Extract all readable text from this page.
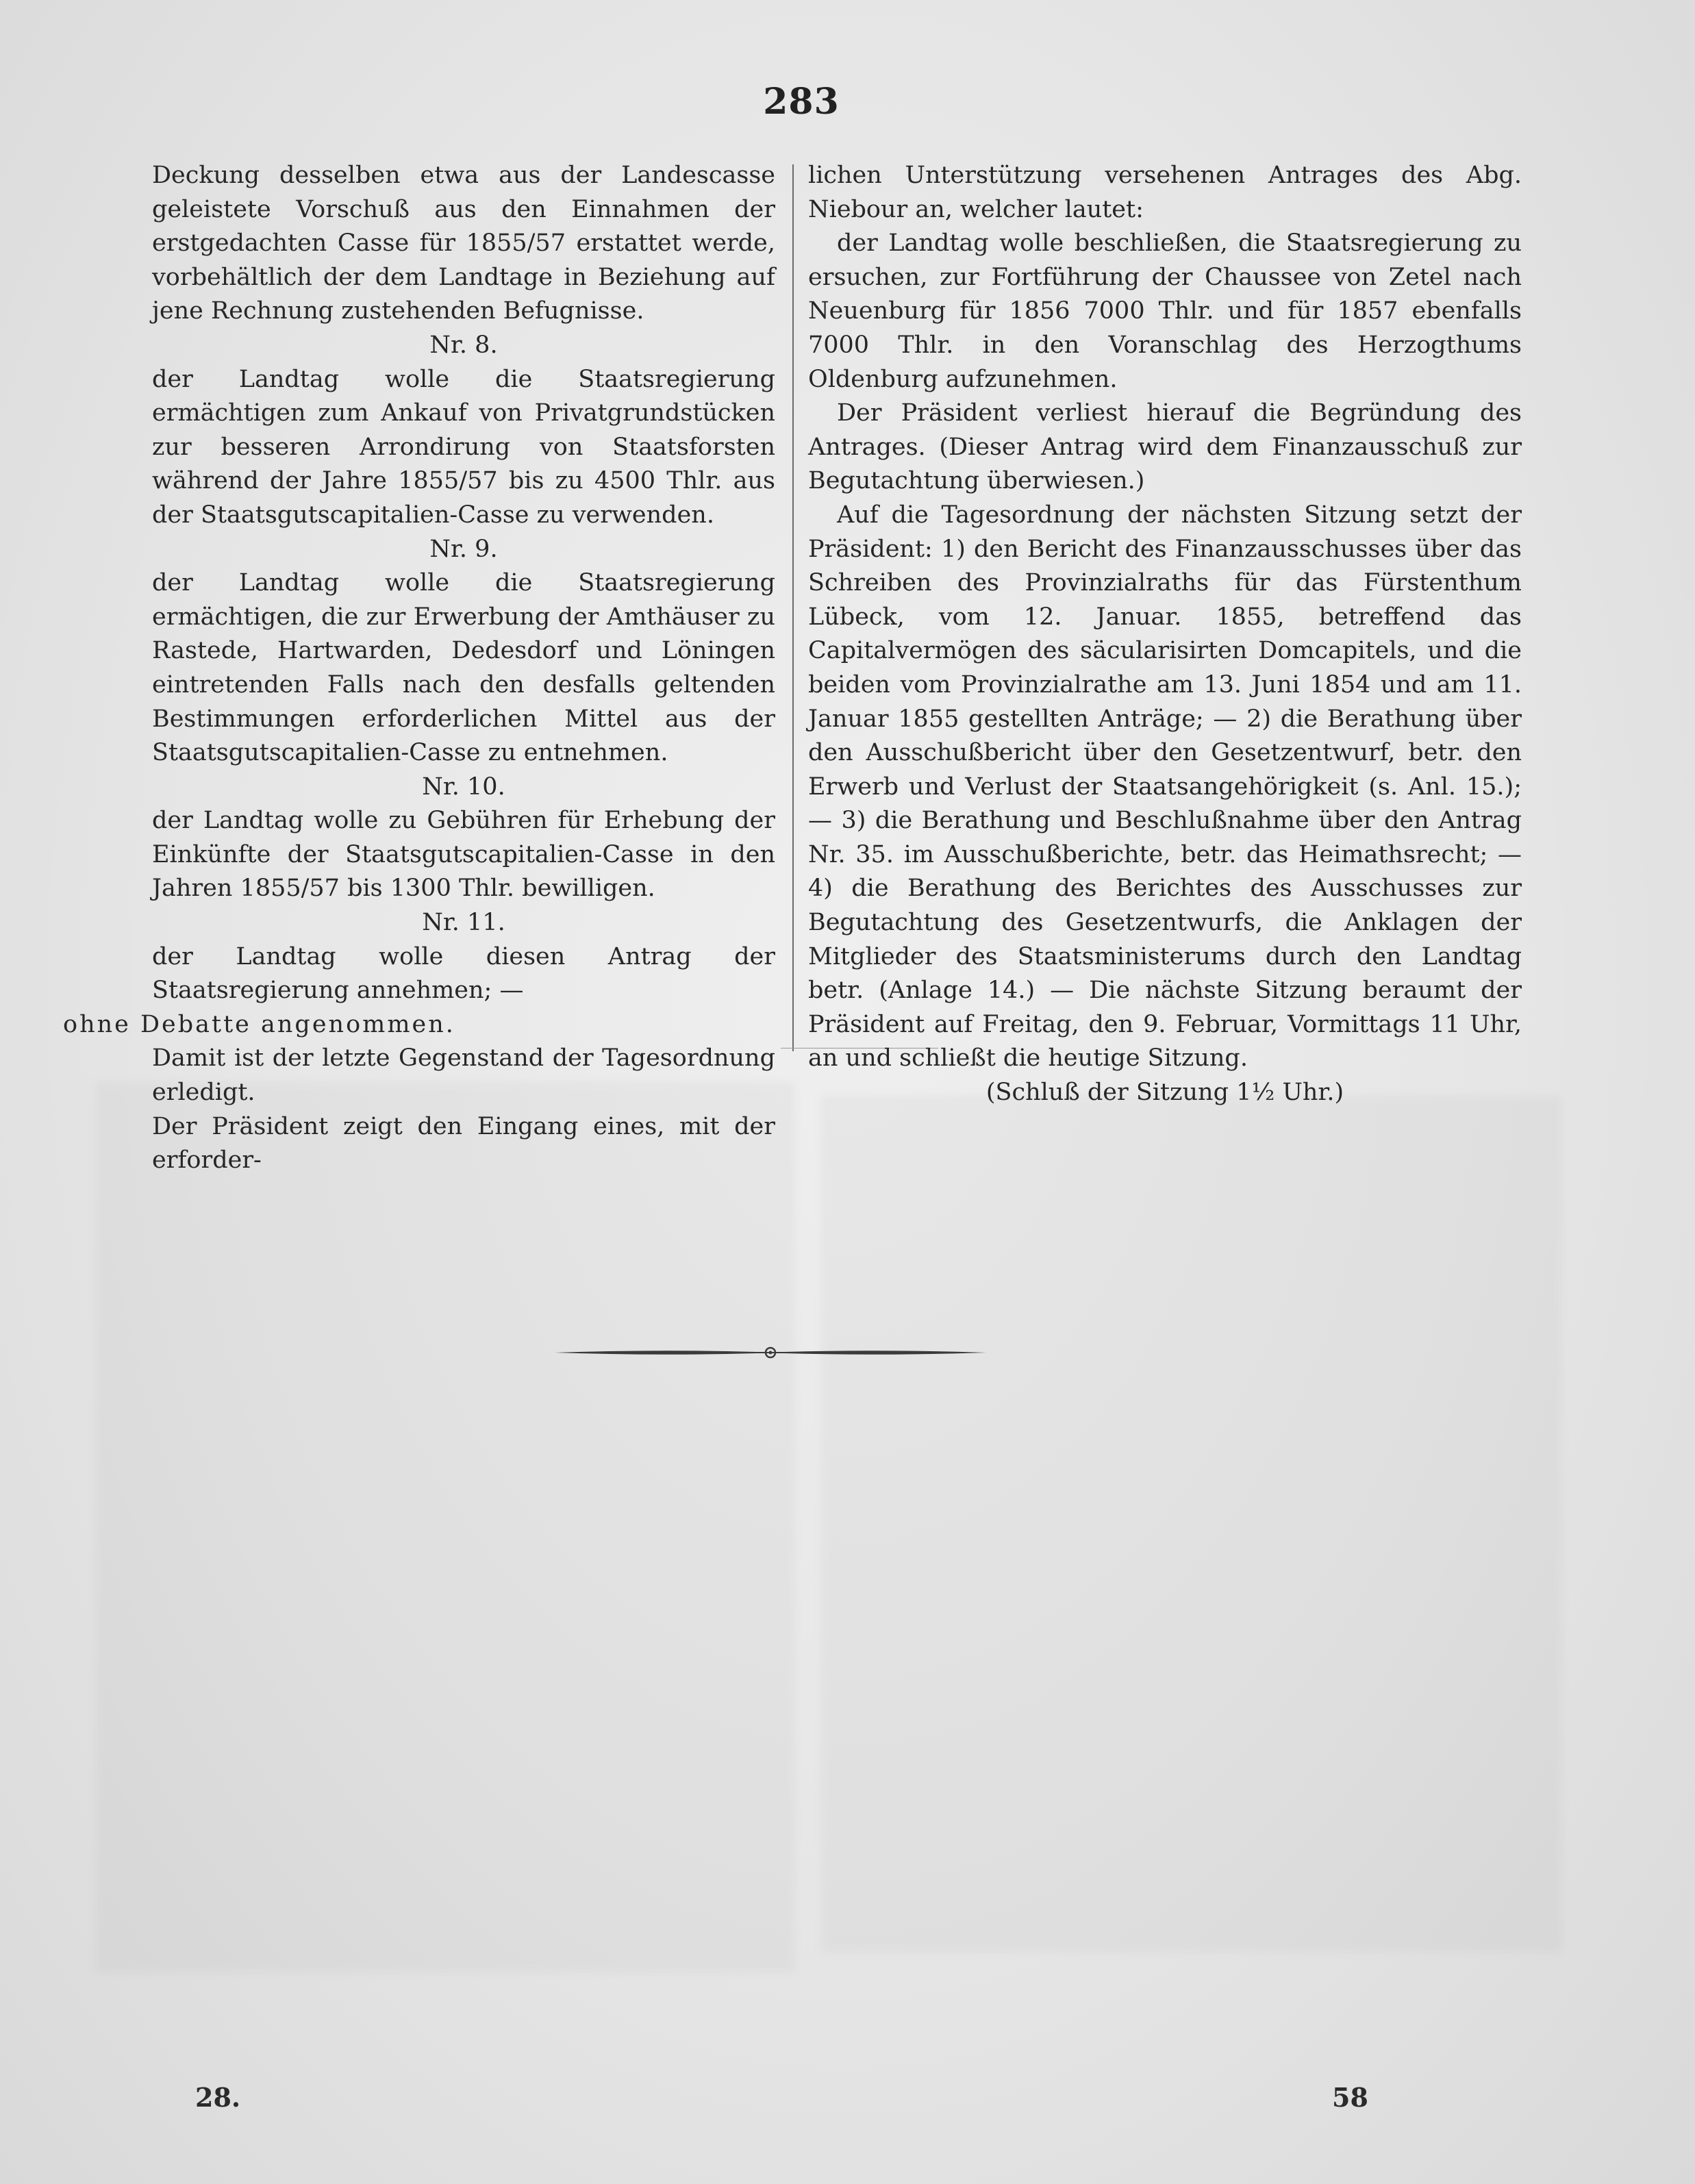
283

Deckung desselben etwa aus der Landescasse geleistete Vorschuß aus den Einnahmen der erstgedachten Casse für 1855/57 erstattet werde, vorbehältlich der dem Landtage in Beziehung auf jene Rechnung zustehenden Befugnisse.

Nr. 8.

der Landtag wolle die Staatsregierung ermächtigen zum Ankauf von Privatgrundstücken zur besseren Arrondirung von Staatsforsten während der Jahre 1855/57 bis zu 4500 Thlr. aus der Staatsgutscapitalien-Casse zu verwenden.

Nr. 9.

der Landtag wolle die Staatsregierung ermächtigen, die zur Erwerbung der Amthäuser zu Rastede, Hartwarden, Dedesdorf und Löningen eintretenden Falls nach den desfalls geltenden Bestimmungen erforderlichen Mittel aus der Staatsgutscapitalien-Casse zu entnehmen.

Nr. 10.

der Landtag wolle zu Gebühren für Erhebung der Einkünfte der Staatsgutscapitalien-Casse in den Jahren 1855/57 bis 1300 Thlr. bewilligen.

Nr. 11.

der Landtag wolle diesen Antrag der Staatsregierung annehmen; —

ohne Debatte angenommen.

Damit ist der letzte Gegenstand der Tagesordnung erledigt.

Der Präsident zeigt den Eingang eines, mit der erforder-

lichen Unterstützung versehenen Antrages des Abg. Niebour an, welcher lautet:

der Landtag wolle beschließen, die Staatsregierung zu ersuchen, zur Fortführung der Chaussee von Zetel nach Neuenburg für 1856 7000 Thlr. und für 1857 ebenfalls 7000 Thlr. in den Voranschlag des Herzogthums Oldenburg aufzunehmen.

Der Präsident verliest hierauf die Begründung des Antrages. (Dieser Antrag wird dem Finanzausschuß zur Begutachtung überwiesen.)

Auf die Tagesordnung der nächsten Sitzung setzt der Präsident: 1) den Bericht des Finanzausschusses über das Schreiben des Provinzialraths für das Fürstenthum Lübeck, vom 12. Januar. 1855, betreffend das Capitalvermögen des säcularisirten Domcapitels, und die beiden vom Provinzialrathe am 13. Juni 1854 und am 11. Januar 1855 gestellten Anträge; — 2) die Berathung über den Ausschußbericht über den Gesetzentwurf, betr. den Erwerb und Verlust der Staatsangehörigkeit (s. Anl. 15.); — 3) die Berathung und Beschlußnahme über den Antrag Nr. 35. im Ausschußberichte, betr. das Heimathsrecht; — 4) die Berathung des Berichtes des Ausschusses zur Begutachtung des Gesetzentwurfs, die Anklagen der Mitglieder des Staatsministerums durch den Landtag betr. (Anlage 14.) — Die nächste Sitzung beraumt der Präsident auf Freitag, den 9. Februar, Vormittags 11 Uhr, an und schließt die heutige Sitzung.

(Schluß der Sitzung 1½ Uhr.)

28.	58
